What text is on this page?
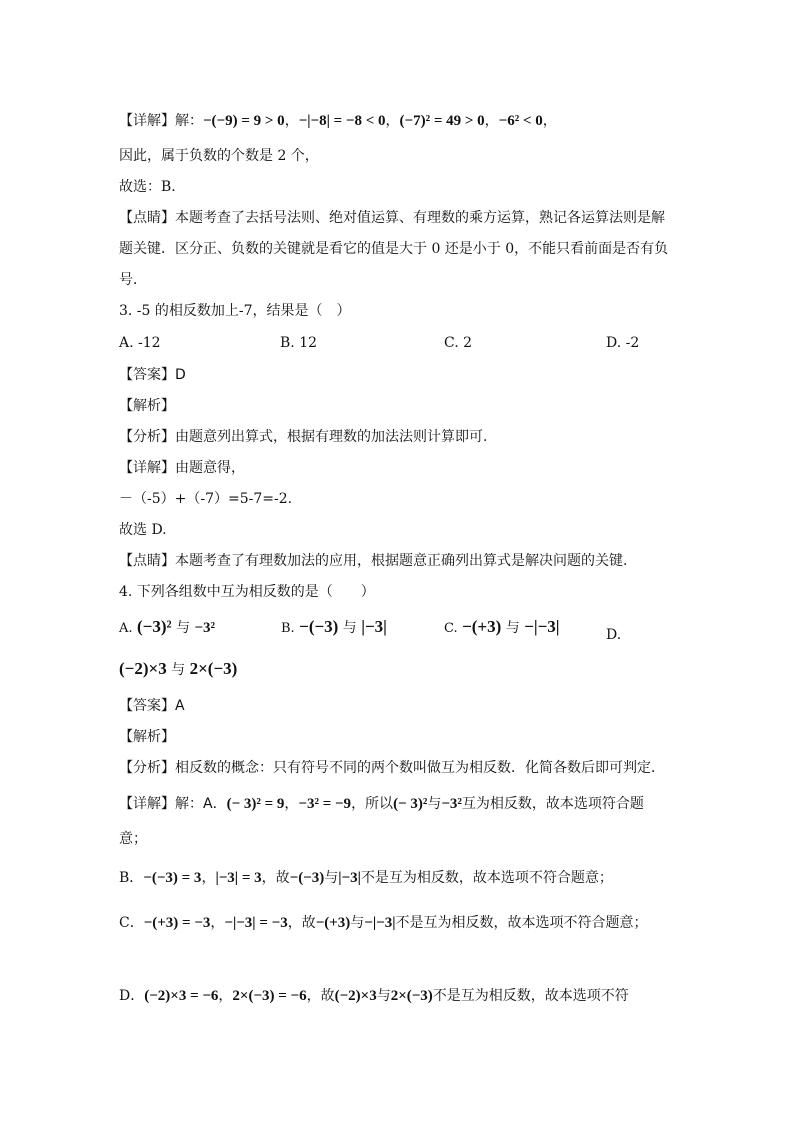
【详解】解：−(−9) = 9 > 0，−|−8| = −8 < 0，(−7)² = 49 > 0，−6² < 0，
因此，属于负数的个数是 2 个，
故选：B．
【点睛】本题考查了去括号法则、绝对值运算、有理数的乘方运算，熟记各运算法则是解
题关键．区分正、负数的关键就是看它的值是大于 0 还是小于 0，不能只看前面是否有负
号．
3. -5 的相反数加上-7，结果是（　）
【答案】D
【解析】
【分析】由题意列出算式，根据有理数的加法法则计算即可.
【详解】由题意得，
－（-5）+（-7）=5-7=-2.
故选 D.
【点睛】本题考查了有理数加法的应用，根据题意正确列出算式是解决问题的关键.
4. 下列各组数中互为相反数的是（　　）
【答案】A
【解析】
【分析】相反数的概念：只有符号不同的两个数叫做互为相反数．化简各数后即可判定．
【详解】解：A．(− 3)² = 9，−3² = −9，所以(− 3)²与−3²互为相反数，故本选项符合题
意；
B．−(−3) = 3，|−3| = 3，故−(−3)与|−3|不是互为相反数，故本选项不符合题意；
C．−(+3) = −3，−|−3| = −3，故−(+3)与−|−3|不是互为相反数，故本选项不符合题意；
D．(−2)×3 = −6，2×(−3) = −6，故(−2)×3与2×(−3)不是互为相反数，故本选项不符
A. -12	B. 12	C. 2	D. -2
A. (−3)² 与 −3²	B. −(−3) 与 |−3|	C. −(+3) 与 −|−3|	D.
(−2)×3 与 2×(−3)
